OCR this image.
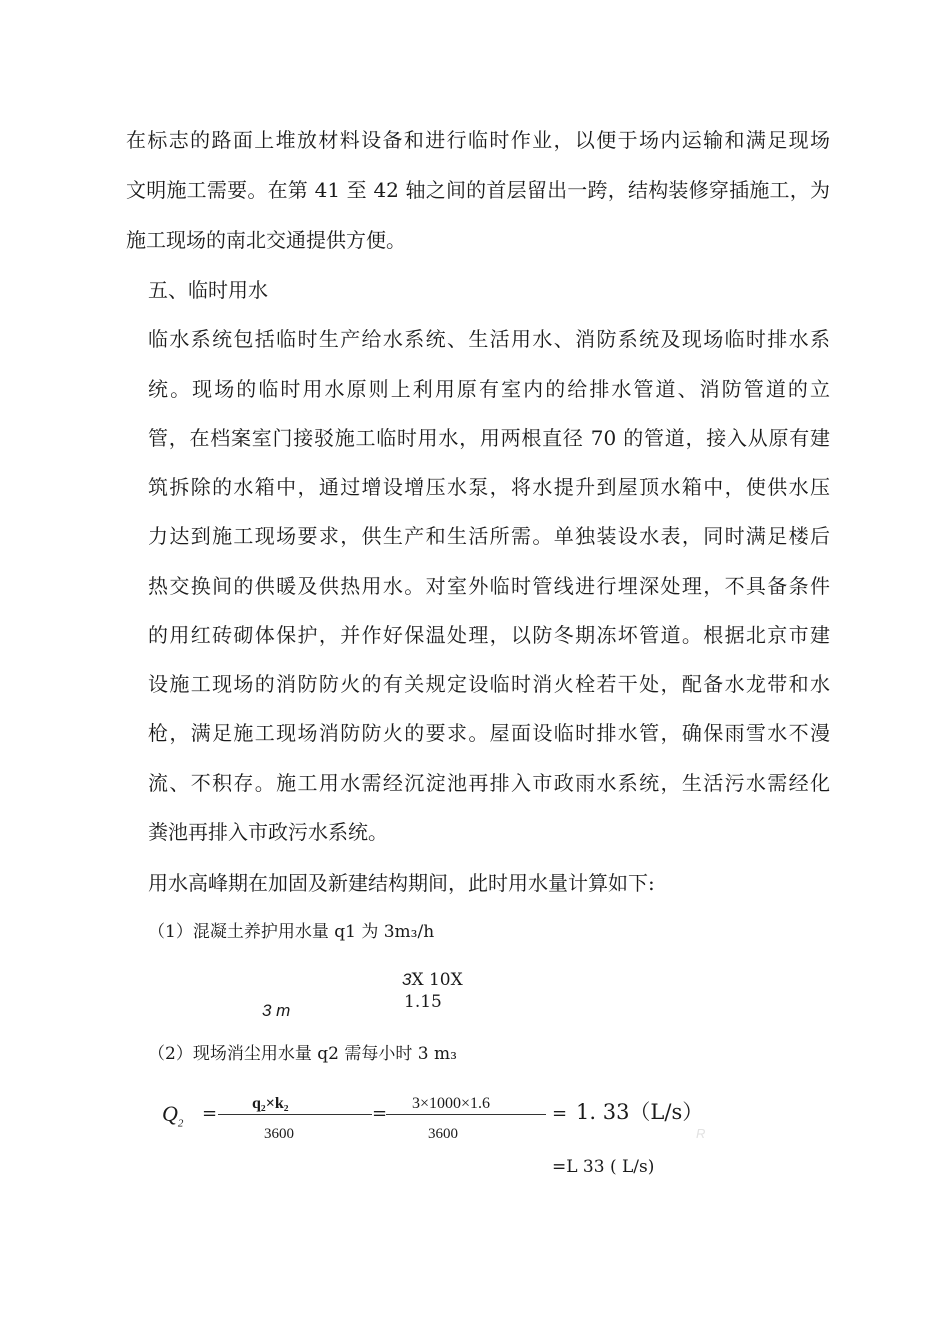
在标志的路面上堆放材料设备和进行临时作业，以便于场内运输和满足现场
文明施工需要。在第 41 至 42 轴之间的首层留出一跨，结构装修穿插施工，为
施工现场的南北交通提供方便。
五、临时用水
临水系统包括临时生产给水系统、生活用水、消防系统及现场临时排水系
统。现场的临时用水原则上利用原有室内的给排水管道、消防管道的立
管，在档案室门接驳施工临时用水，用两根直径 70 的管道，接入从原有建
筑拆除的水箱中，通过增设增压水泵，将水提升到屋顶水箱中，使供水压
力达到施工现场要求，供生产和生活所需。单独装设水表，同时满足楼后
热交换间的供暖及供热用水。对室外临时管线进行埋深处理，不具备条件
的用红砖砌体保护，并作好保温处理，以防冬期冻坏管道。根据北京市建
设施工现场的消防防火的有关规定设临时消火栓若干处，配备水龙带和水
枪，满足施工现场消防防火的要求。屋面设临时排水管，确保雨雪水不漫
流、不积存。施工用水需经沉淀池再排入市政雨水系统，生活污水需经化
粪池再排入市政污水系统。
用水高峰期在加固及新建结构期间，此时用水量计算如下:
（1）混凝土养护用水量 q1 为 3m₃/h
3X 10X
1.15
3 m
（2）现场消尘用水量 q2 需每小时 3 m₃
$Q_2 = q_2\times k_2$
3600
= 3×1000×1.6
3600
= 1. 33（L/s）
R
=L 33 ( L/s)
